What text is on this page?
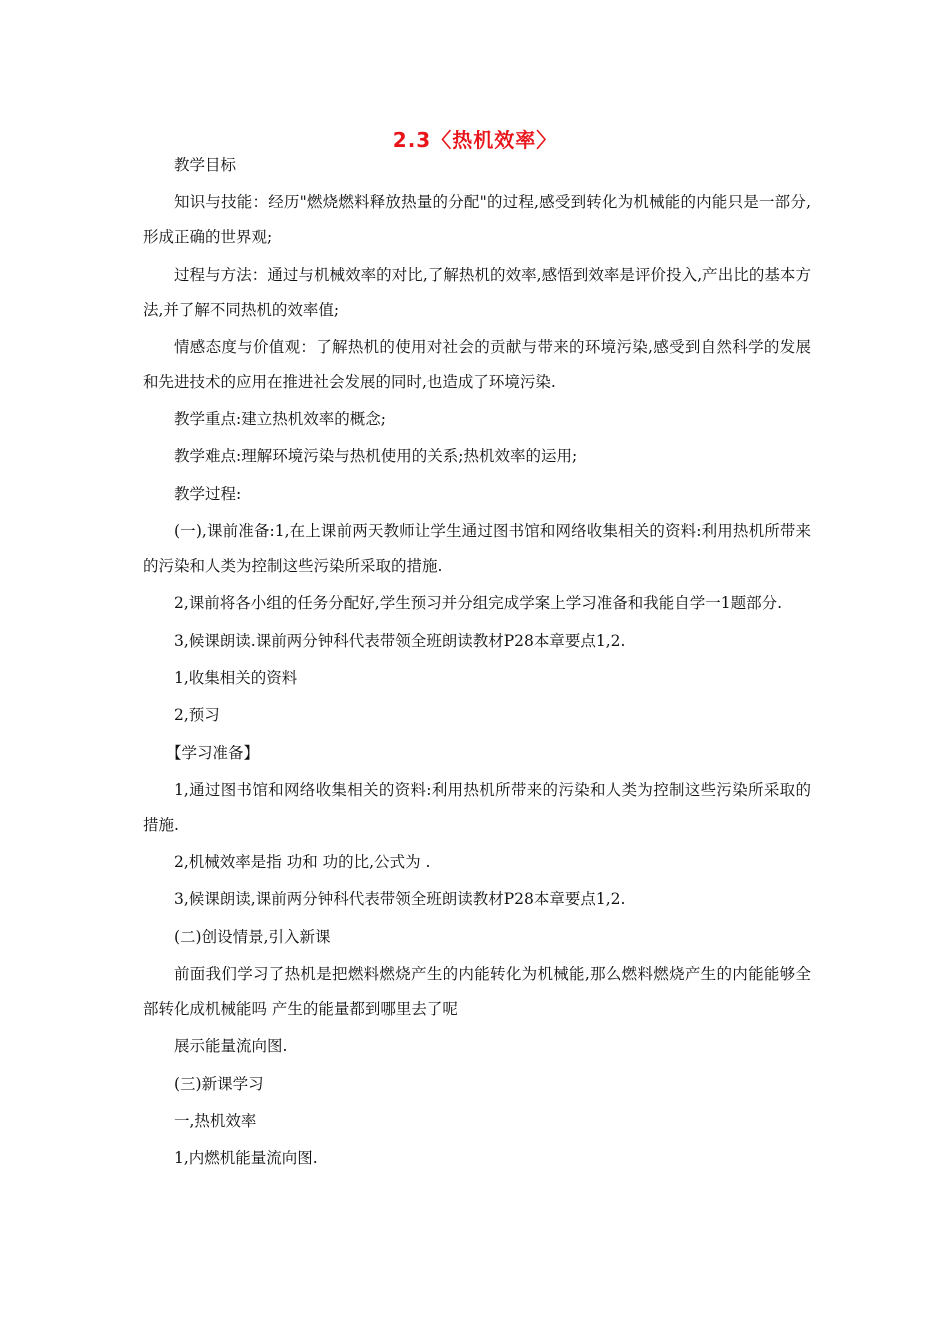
2.3〈热机效率〉

教学目标

知识与技能：经历"燃烧燃料释放热量的分配"的过程,感受到转化为机械能的内能只是一部分,形成正确的世界观;

过程与方法：通过与机械效率的对比,了解热机的效率,感悟到效率是评价投入,产出比的基本方法,并了解不同热机的效率值;

情感态度与价值观：了解热机的使用对社会的贡献与带来的环境污染,感受到自然科学的发展和先进技术的应用在推进社会发展的同时,也造成了环境污染.

教学重点:建立热机效率的概念;

教学难点:理解环境污染与热机使用的关系;热机效率的运用;

教学过程:

(一),课前准备:1,在上课前两天教师让学生通过图书馆和网络收集相关的资料:利用热机所带来的污染和人类为控制这些污染所采取的措施.

2,课前将各小组的任务分配好,学生预习并分组完成学案上学习准备和我能自学一1题部分.

3,候课朗读.课前两分钟科代表带领全班朗读教材P28本章要点1,2.

1,收集相关的资料

2,预习

【学习准备】

1,通过图书馆和网络收集相关的资料:利用热机所带来的污染和人类为控制这些污染所采取的措施.

2,机械效率是指 功和 功的比,公式为 .

3,候课朗读,课前两分钟科代表带领全班朗读教材P28本章要点1,2.

(二)创设情景,引入新课

前面我们学习了热机是把燃料燃烧产生的内能转化为机械能,那么燃料燃烧产生的内能能够全部转化成机械能吗 产生的能量都到哪里去了呢

展示能量流向图.

(三)新课学习

一,热机效率

1,内燃机能量流向图.
